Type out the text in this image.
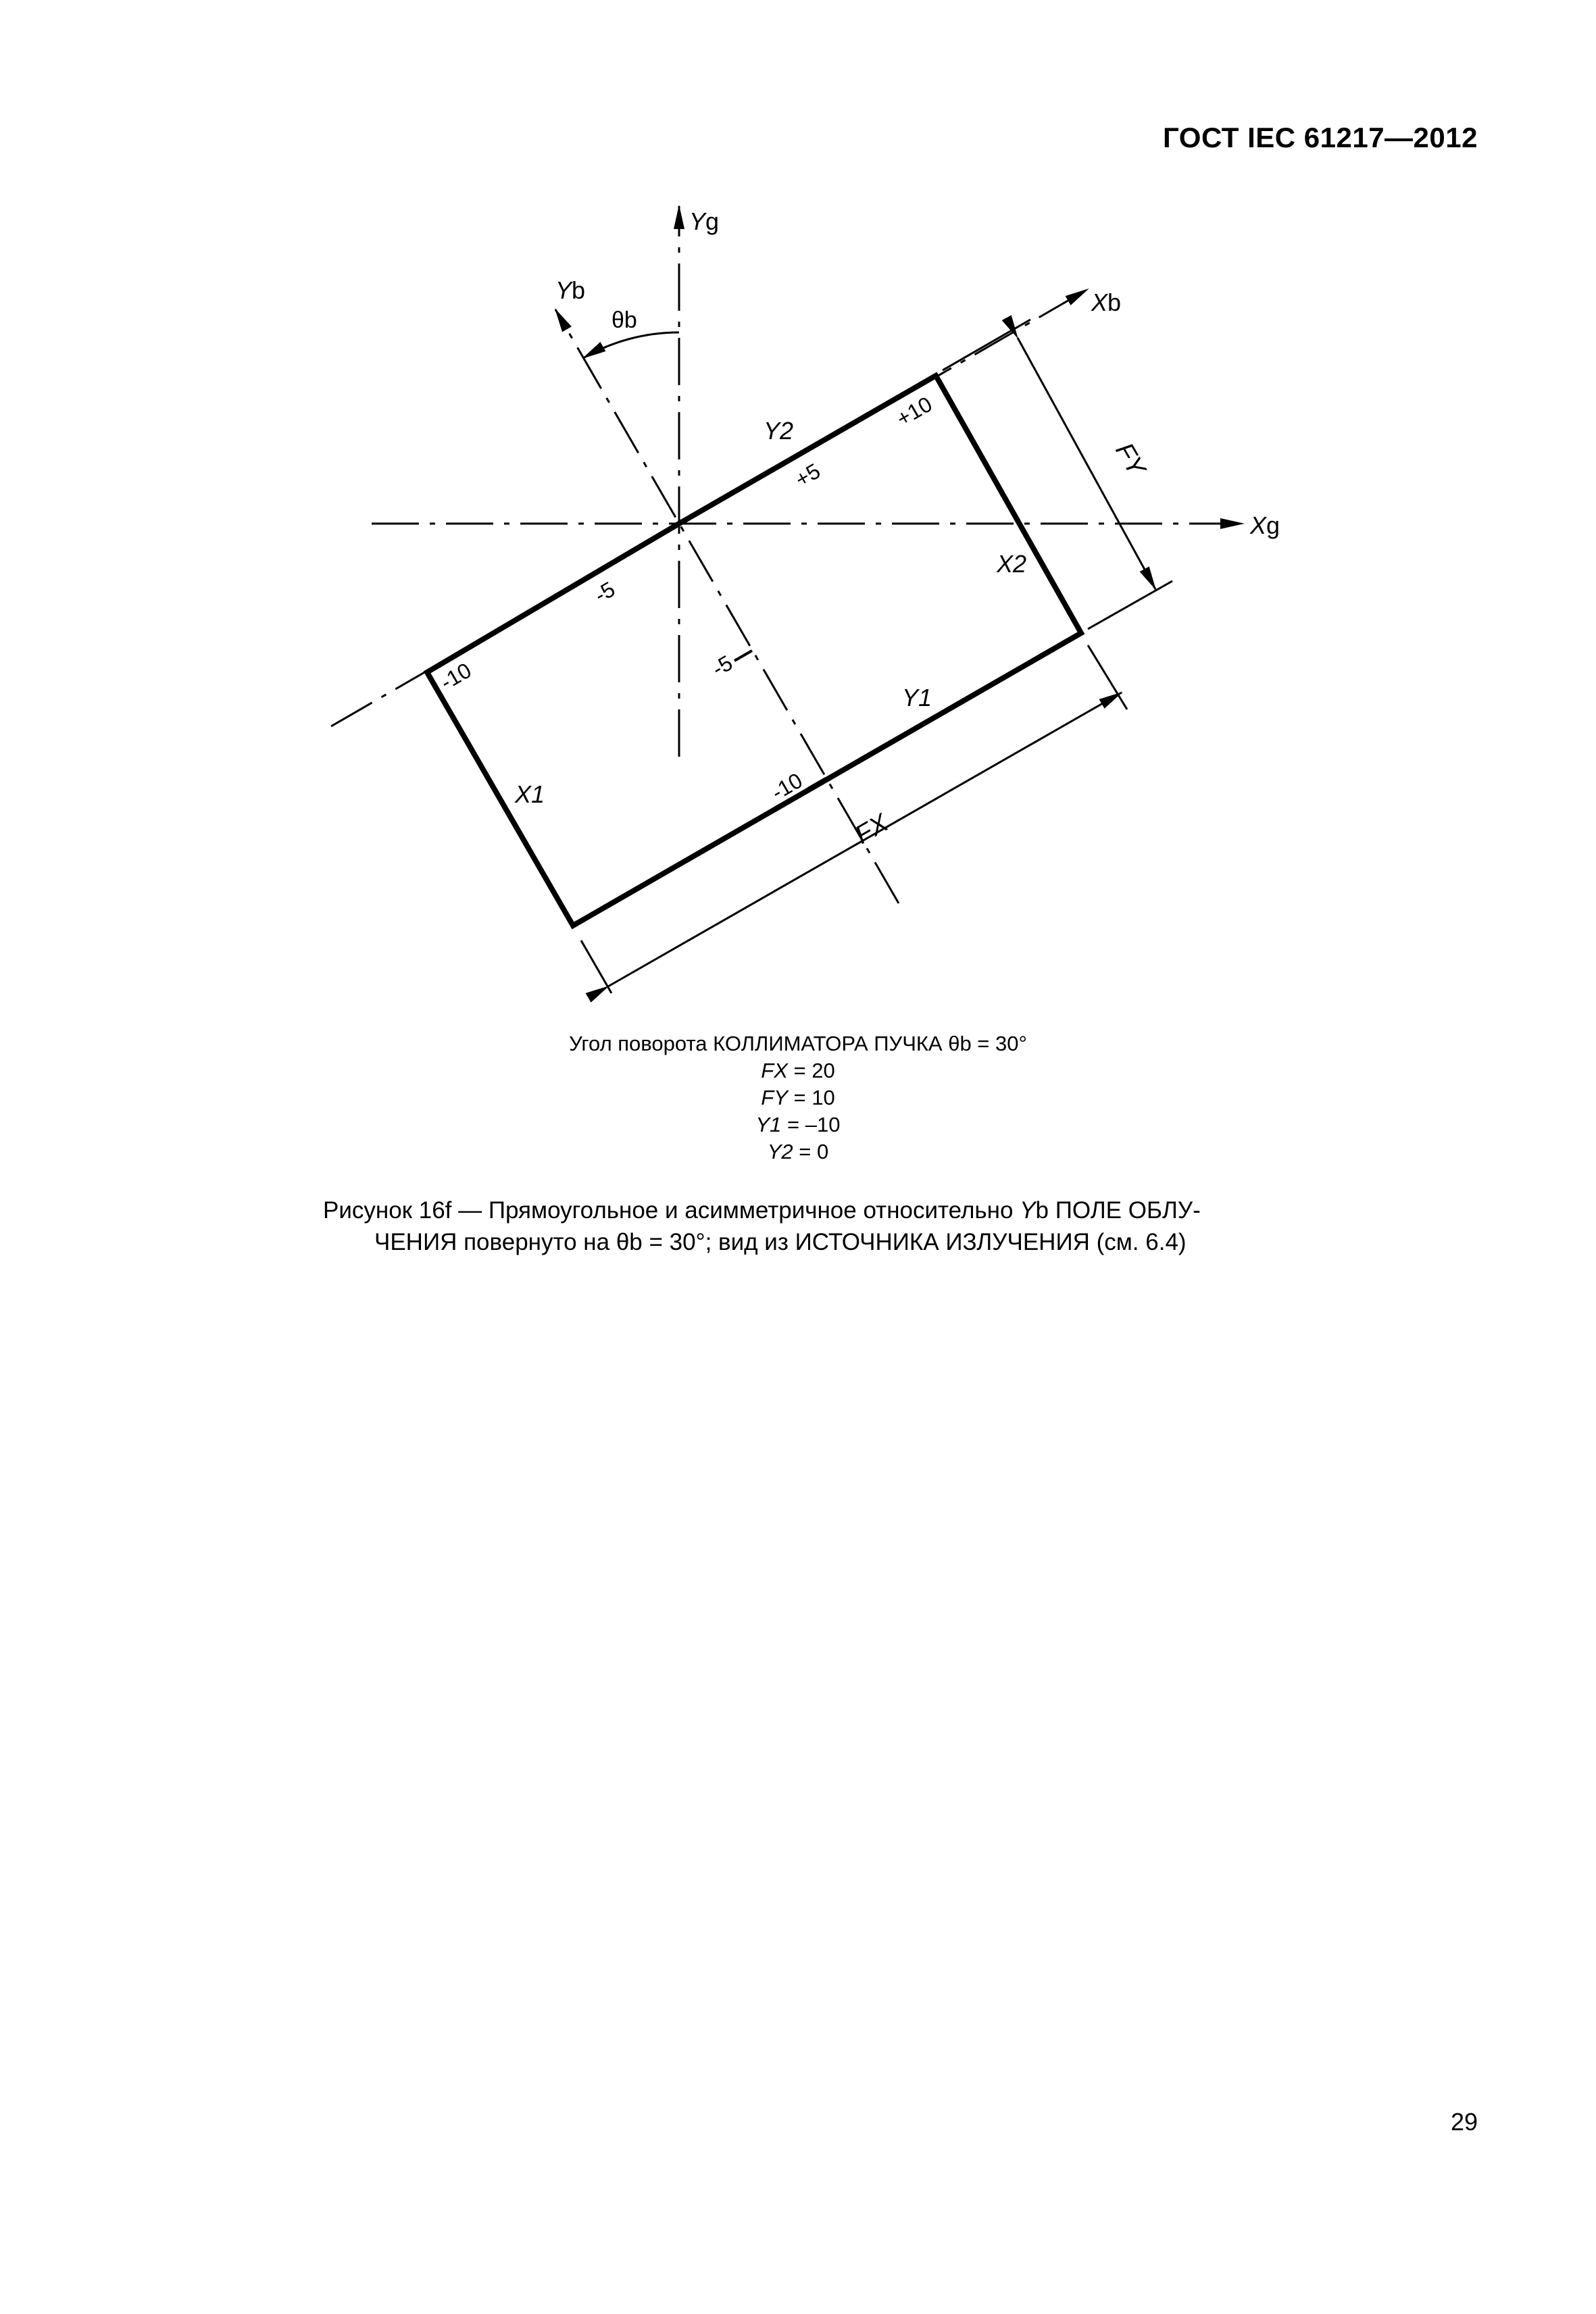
ГОСТ IEC 61217—2012
Yg
Xg
Yb	Xb
θb
Y2
X2
Y1
X1
FY
FX
+10
+5
-5
-10	-5
-10
Угол поворота КОЛЛИМАТОРА ПУЧКА θb = 30°
FX = 20
FY = 10
Y1 = –10
Y2 = 0
Рисунок 16f — Прямоугольное и асимметричное относительно Yb ПОЛЕ ОБЛУ-
ЧЕНИЯ повернуто на θb = 30°; вид из ИСТОЧНИКА ИЗЛУЧЕНИЯ (см. 6.4)
29
